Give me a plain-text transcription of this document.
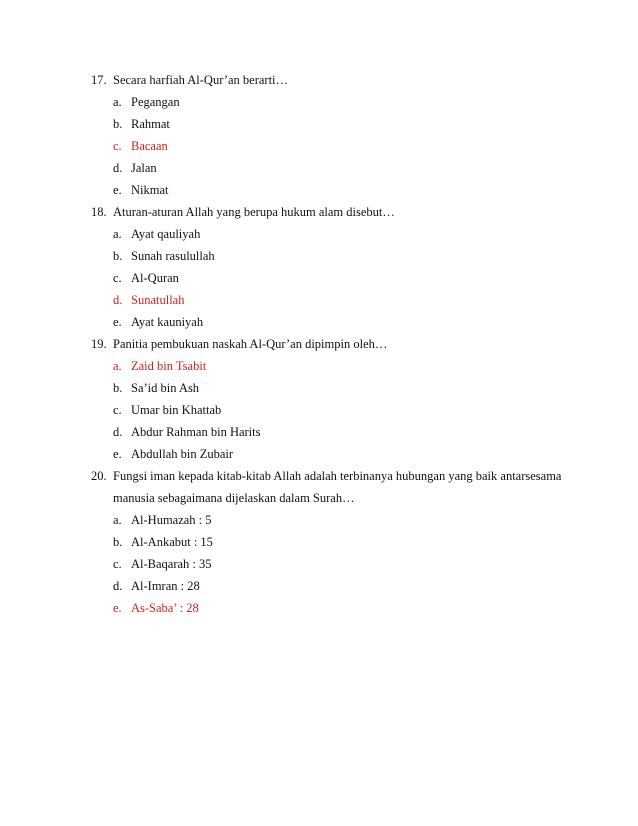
17. Secara harfiah Al-Qur’an berarti…
a. Pegangan
b. Rahmat
c. Bacaan
d. Jalan
e. Nikmat
18. Aturan-aturan Allah yang berupa hukum alam disebut…
a. Ayat qauliyah
b. Sunah rasulullah
c. Al-Quran
d. Sunatullah
e. Ayat kauniyah
19. Panitia pembukuan naskah Al-Qur’an dipimpin oleh…
a. Zaid bin Tsabit
b. Sa’id bin Ash
c. Umar bin Khattab
d. Abdur Rahman bin Harits
e. Abdullah bin Zubair
20. Fungsi iman kepada kitab-kitab Allah adalah terbinanya hubungan yang baik antarsesama
manusia sebagaimana dijelaskan dalam Surah…
a. Al-Humazah : 5
b. Al-Ankabut : 15
c. Al-Baqarah : 35
d. Al-Imran : 28
e. As-Saba’ : 28
